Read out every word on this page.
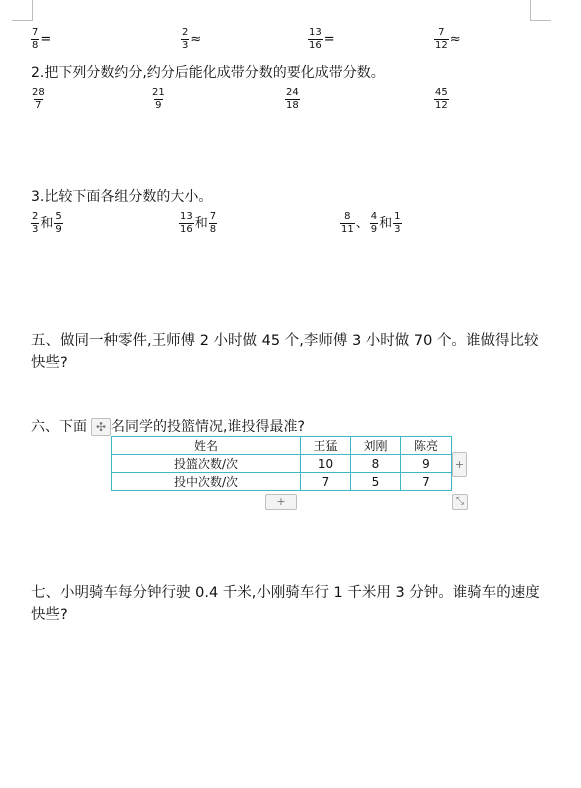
$\frac{7}{8}$ =	$\frac{2}{3}$ ≈	$\frac{13}{16}$ =	$\frac{7}{12}$ ≈
2.把下列分数约分,约分后能化成带分数的要化成带分数。
$\frac{28}{7}$	$\frac{21}{9}$	$\frac{24}{18}$	$\frac{45}{12}$
3.比较下面各组分数的大小。
$\frac{2}{3}$ 和 $\frac{5}{9}$	$\frac{13}{16}$ 和 $\frac{7}{8}$	$\frac{8}{11}$ 、 $\frac{4}{9}$ 和 $\frac{1}{3}$
五、做同一种零件,王师傅 2 小时做 45 个,李师傅 3 小时做 70 个。谁做得比较快些?
六、下面 ✣ 名同学的投篮情况,谁投得最准?
姓名	王猛	刘刚	陈亮
投篮次数/次	10	8	9
投中次数/次	7	5	7
+
+	⤡
七、小明骑车每分钟行驶 0.4 千米,小刚骑车行 1 千米用 3 分钟。谁骑车的速度快些?
